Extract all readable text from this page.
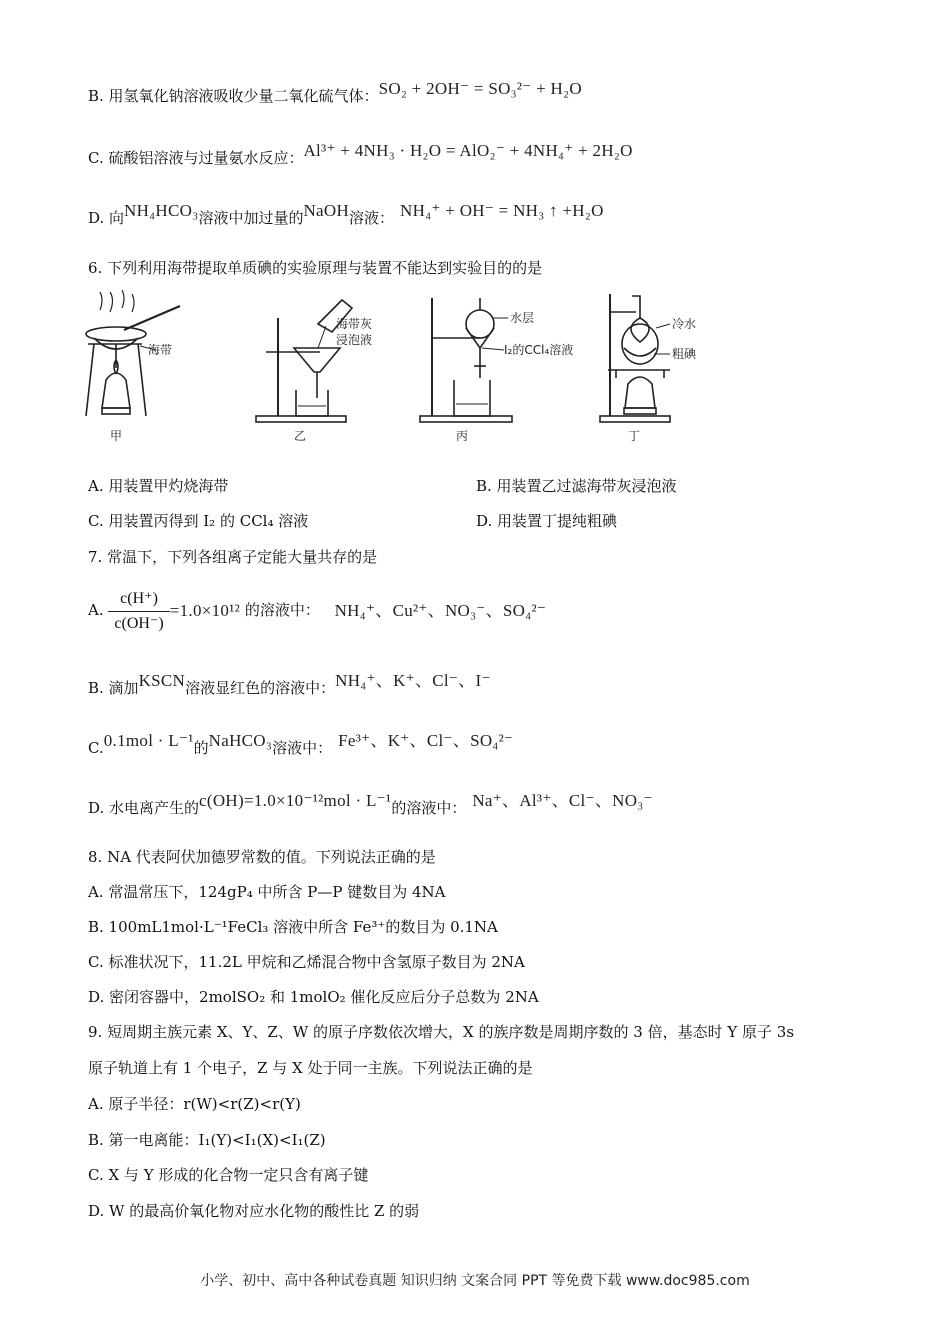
B. 用氢氧化钠溶液吸收少量二氧化硫气体：SO₂ + 2OH⁻ = SO₃²⁻ + H₂O
C. 硫酸铝溶液与过量氨水反应：Al³⁺ + 4NH₃ · H₂O = AlO₂⁻ + 4NH₄⁺ + 2H₂O
D. 向NH₄HCO₃溶液中加过量的NaOH溶液： NH₄⁺ + OH⁻ = NH₃ ↑ +H₂O
6. 下列利用海带提取单质碘的实验原理与装置不能达到实验目的的是
海带
海带灰
浸泡液
水层
I₂的CCl₄溶液
冷水
粗碘
甲	乙	丙	丁
A. 用装置甲灼烧海带	B. 用装置乙过滤海带灰浸泡液
C. 用装置丙得到 I₂ 的 CCl₄ 溶液	D. 用装置丁提纯粗碘
7. 常温下，下列各组离子定能大量共存的是
A. $\frac{c(H^+)}{c(OH^-)} =1.0\times 10^{12}$ 的溶液中： NH₄⁺、Cu²⁺、NO₃⁻、SO₄²⁻
B. 滴加KSCN溶液显红色的溶液中：NH₄⁺、K⁺、Cl⁻、I⁻
C.0.1mol · L⁻¹的NaHCO₃溶液中： Fe³⁺、K⁺、Cl⁻、SO₄²⁻
D. 水电离产生的c(OH)=1.0×10⁻¹²mol · L⁻¹的溶液中： Na⁺、Al³⁺、Cl⁻、NO₃⁻
8. NA 代表阿伏加德罗常数的值。下列说法正确的是
A. 常温常压下，124gP₄ 中所含 P—P 键数目为 4NA
B. 100mL1mol·L⁻¹FeCl₃ 溶液中所含 Fe³⁺的数目为 0.1NA
C. 标准状况下，11.2L 甲烷和乙烯混合物中含氢原子数目为 2NA
D. 密闭容器中，2molSO₂ 和 1molO₂ 催化反应后分子总数为 2NA
9. 短周期主族元素 X、Y、Z、W 的原子序数依次增大，X 的族序数是周期序数的 3 倍，基态时 Y 原子 3s
原子轨道上有 1 个电子，Z 与 X 处于同一主族。下列说法正确的是
A. 原子半径：r(W)<r(Z)<r(Y)
B. 第一电离能：I₁(Y)<I₁(X)<I₁(Z)
C. X 与 Y 形成的化合物一定只含有离子键
D. W 的最高价氧化物对应水化物的酸性比 Z 的弱
小学、初中、高中各种试卷真题 知识归纳 文案合同 PPT 等免费下载 www.doc985.com
